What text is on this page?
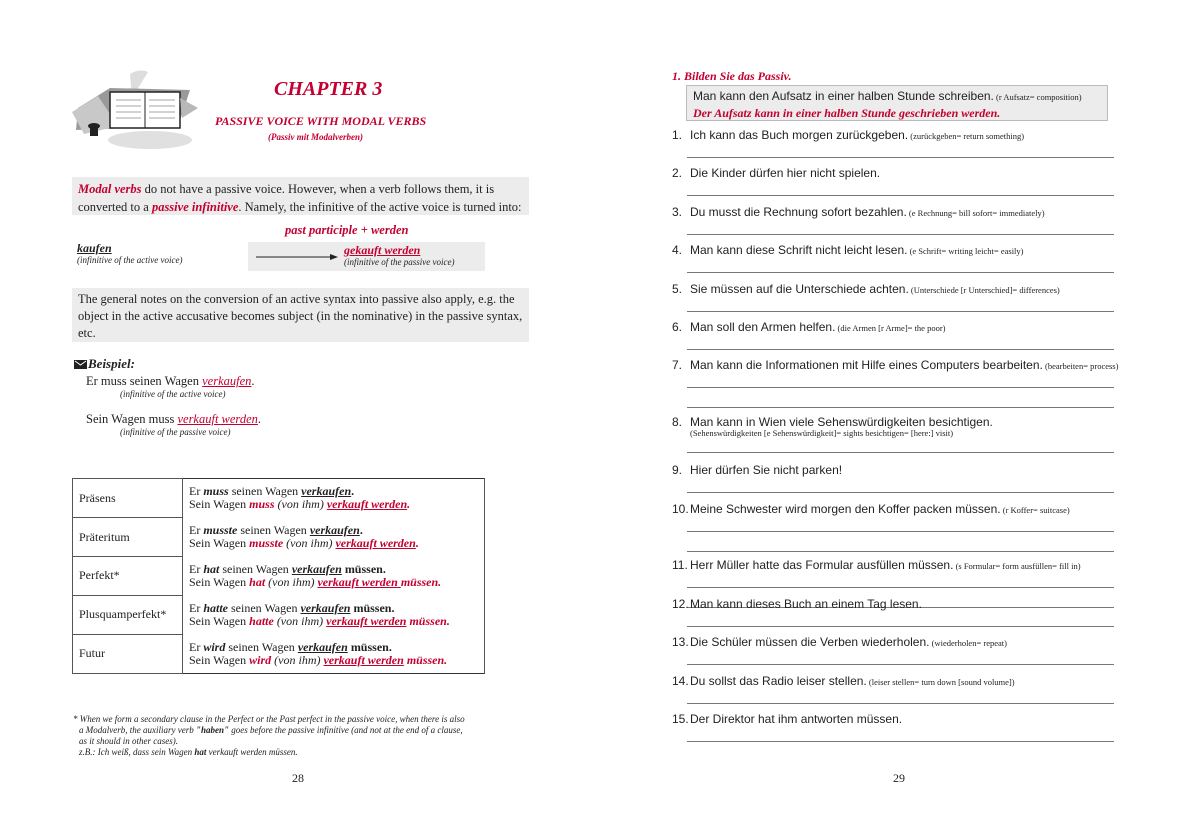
CHAPTER 3
PASSIVE VOICE WITH MODAL VERBS
(Passiv mit Modalverben)
Modal verbs do not have a passive voice. However, when a verb follows them, it is converted to a passive infinitive. Namely, the infinitive of the active voice is turned into:
past participle + werden
kaufen
(infinitive of the active voice)
gekauft werden
(infinitive of the passive voice)
The general notes on the conversion of an active syntax into passive also apply, e.g. the object in the active accusative becomes subject (in the nominative) in the passive syntax, etc.
Beispiel:
Er muss seinen Wagen verkaufen.
(infinitive of the active voice)
Sein Wagen muss verkauft werden.
(infinitive of the passive voice)
Präsens	Er muss seinen Wagen verkaufen.
Sein Wagen muss (von ihm) verkauft werden.

Präteritum	Er musste seinen Wagen verkaufen.
Sein Wagen musste (von ihm) verkauft werden.

Perfekt*	Er hat seinen Wagen verkaufen müssen.
Sein Wagen hat (von ihm) verkauft werden müssen.

Plusquamperfekt*	Er hatte seinen Wagen verkaufen müssen.
Sein Wagen hatte (von ihm) verkauft werden müssen.

Futur	Er wird seinen Wagen verkaufen müssen.
Sein Wagen wird (von ihm) verkauft werden müssen.
* When we form a secondary clause in the Perfect or the Past perfect in the passive voice, when there is also
a Modalverb, the auxiliary verb "haben" goes before the passive infinitive (and not at the end of a clause,
as it should in other cases).
z.B.: Ich weiß, dass sein Wagen hat verkauft werden müssen.
28
1. Bilden Sie das Passiv.
Man kann den Aufsatz in einer halben Stunde schreiben. (r Aufsatz= composition)
Der Aufsatz kann in einer halben Stunde geschrieben werden.
1. Ich kann das Buch morgen zurückgeben. (zurückgeben= return something)
2. Die Kinder dürfen hier nicht spielen.
3. Du musst die Rechnung sofort bezahlen. (e Rechnung= bill sofort= immediately)
4. Man kann diese Schrift nicht leicht lesen. (e Schrift= writing leicht= easily)
5. Sie müssen auf die Unterschiede achten. (Unterschiede [r Unterschied]= differences)
6. Man soll den Armen helfen. (die Armen [r Arme]= the poor)
7. Man kann die Informationen mit Hilfe eines Computers bearbeiten. (bearbeiten= process)
8. Man kann in Wien viele Sehenswürdigkeiten besichtigen.
(Sehenswürdigkeiten [e Sehenswürdigkeit]= sights besichtigen= [here:] visit)
9. Hier dürfen Sie nicht parken!
10.Meine Schwester wird morgen den Koffer packen müssen. (r Koffer= suitcase)
11. Herr Müller hatte das Formular ausfüllen müssen. (s Formular= form ausfüllen= fill in)
12.Man kann dieses Buch an einem Tag lesen.
13.Die Schüler müssen die Verben wiederholen. (wiederholen= repeat)
14.Du sollst das Radio leiser stellen. (leiser stellen= turn down [sound volume])
15.Der Direktor hat ihm antworten müssen.
29
